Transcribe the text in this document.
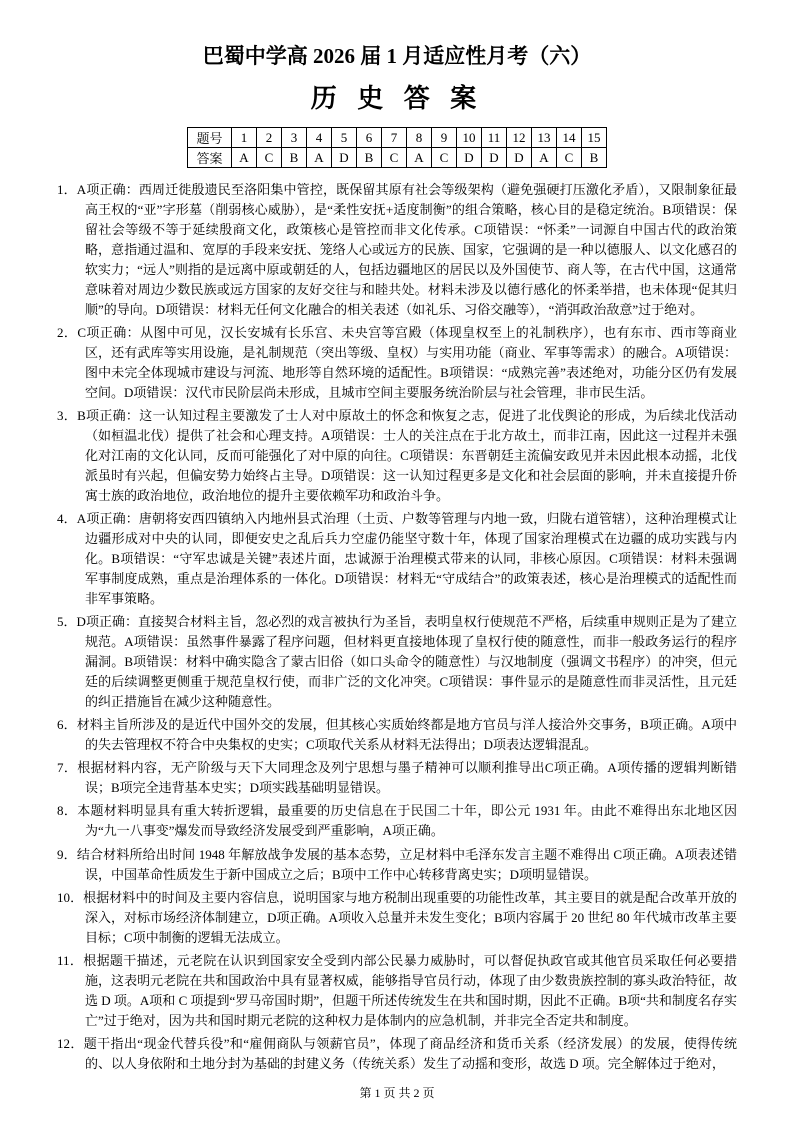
巴蜀中学高 2026 届 1 月适应性月考（六）
历 史 答 案
题号	1	2	3	4	5	6	7	8	9	10	11	12	13	14	15
答案	A	C	B	A	D	B	C	A	C	D	D	D	A	C	B

1．A项正确：西周迁徙殷遗民至洛阳集中管控，既保留其原有社会等级架构（避免强硬打压激化矛盾），又限制象征最高王权的“亚”字形墓（削弱核心威胁），是“柔性安抚+适度制衡”的组合策略，核心目的是稳定统治。B项错误：保留社会等级不等于延续殷商文化，政策核心是管控而非文化传承。C项错误：“怀柔”一词源自中国古代的政治策略，意指通过温和、宽厚的手段来安抚、笼络人心或远方的民族、国家，它强调的是一种以德服人、以文化感召的软实力；“远人”则指的是远离中原或朝廷的人，包括边疆地区的居民以及外国使节、商人等，在古代中国，这通常意味着对周边少数民族或远方国家的友好交往与和睦共处。材料未涉及以德行感化的怀柔举措，也未体现“促其归顺”的导向。D项错误：材料无任何文化融合的相关表述（如礼乐、习俗交融等），“消弭政治敌意”过于绝对。

2．C项正确：从图中可见，汉长安城有长乐宫、未央宫等宫殿（体现皇权至上的礼制秩序），也有东市、西市等商业区，还有武库等实用设施，是礼制规范（突出等级、皇权）与实用功能（商业、军事等需求）的融合。A项错误：图中未完全体现城市建设与河流、地形等自然环境的适配性。B项错误：“成熟完善”表述绝对，功能分区仍有发展空间。D项错误：汉代市民阶层尚未形成，且城市空间主要服务统治阶层与社会管理，非市民生活。

3．B项正确：这一认知过程主要激发了士人对中原故土的怀念和恢复之志，促进了北伐舆论的形成，为后续北伐活动（如桓温北伐）提供了社会和心理支持。A项错误：士人的关注点在于北方故土，而非江南，因此这一过程并未强化对江南的文化认同，反而可能强化了对中原的向往。C项错误：东晋朝廷主流偏安政见并未因此根本动摇，北伐派虽时有兴起，但偏安势力始终占主导。D项错误：这一认知过程更多是文化和社会层面的影响，并未直接提升侨寓士族的政治地位，政治地位的提升主要依赖军功和政治斗争。

4．A项正确：唐朝将安西四镇纳入内地州县式治理（土贡、户数等管理与内地一致，归陇右道管辖），这种治理模式让边疆形成对中央的认同，即便安史之乱后兵力空虚仍能坚守数十年，体现了国家治理模式在边疆的成功实践与内化。B项错误：“守军忠诚是关键”表述片面，忠诚源于治理模式带来的认同，非核心原因。C项错误：材料未强调军事制度成熟，重点是治理体系的一体化。D项错误：材料无“守成结合”的政策表述，核心是治理模式的适配性而非军事策略。

5．D项正确：直接契合材料主旨，忽必烈的戏言被执行为圣旨，表明皇权行使规范不严格，后续重申规则正是为了建立规范。A项错误：虽然事件暴露了程序问题，但材料更直接地体现了皇权行使的随意性，而非一般政务运行的程序漏洞。B项错误：材料中确实隐含了蒙古旧俗（如口头命令的随意性）与汉地制度（强调文书程序）的冲突，但元廷的后续调整更侧重于规范皇权行使，而非广泛的文化冲突。C项错误：事件显示的是随意性而非灵活性，且元廷的纠正措施旨在减少这种随意性。

6．材料主旨所涉及的是近代中国外交的发展，但其核心实质始终都是地方官员与洋人接洽外交事务，B项正确。A项中的失去管理权不符合中央集权的史实；C项取代关系从材料无法得出；D项表达逻辑混乱。

7．根据材料内容，无产阶级与天下大同理念及列宁思想与墨子精神可以顺利推导出C项正确。A项传播的逻辑判断错误；B项完全违背基本史实；D项实践基础明显错误。

8．本题材料明显具有重大转折逻辑，最重要的历史信息在于民国二十年，即公元 1931 年。由此不难得出东北地区因为“九一八事变”爆发而导致经济发展受到严重影响，A项正确。

9．结合材料所给出时间 1948 年解放战争发展的基本态势，立足材料中毛泽东发言主题不难得出 C项正确。A项表述错误，中国革命性质发生于新中国成立之后；B项中工作中心转移背离史实；D项明显错误。

10．根据材料中的时间及主要内容信息，说明国家与地方税制出现重要的功能性改革，其主要目的就是配合改革开放的深入，对标市场经济体制建立，D项正确。A项收入总量并未发生变化；B项内容属于 20 世纪 80 年代城市改革主要目标；C项中制衡的逻辑无法成立。

11．根据题干描述，元老院在认识到国家安全受到内部公民暴力威胁时，可以督促执政官或其他官员采取任何必要措施，这表明元老院在共和国政治中具有显著权威，能够指导官员行动，体现了由少数贵族控制的寡头政治特征，故选 D 项。A项和 C 项提到“罗马帝国时期”，但题干所述传统发生在共和国时期，因此不正确。B项“共和制度名存实亡”过于绝对，因为共和国时期元老院的这种权力是体制内的应急机制，并非完全否定共和制度。

12．题干指出“现金代替兵役”和“雇佣商队与领薪官员”，体现了商品经济和货币关系（经济发展）的发展，使得传统的、以人身依附和土地分封为基础的封建义务（传统关系）发生了动摇和变形，故选 D 项。完全解体过于绝对，

第 1 页 共 2 页
